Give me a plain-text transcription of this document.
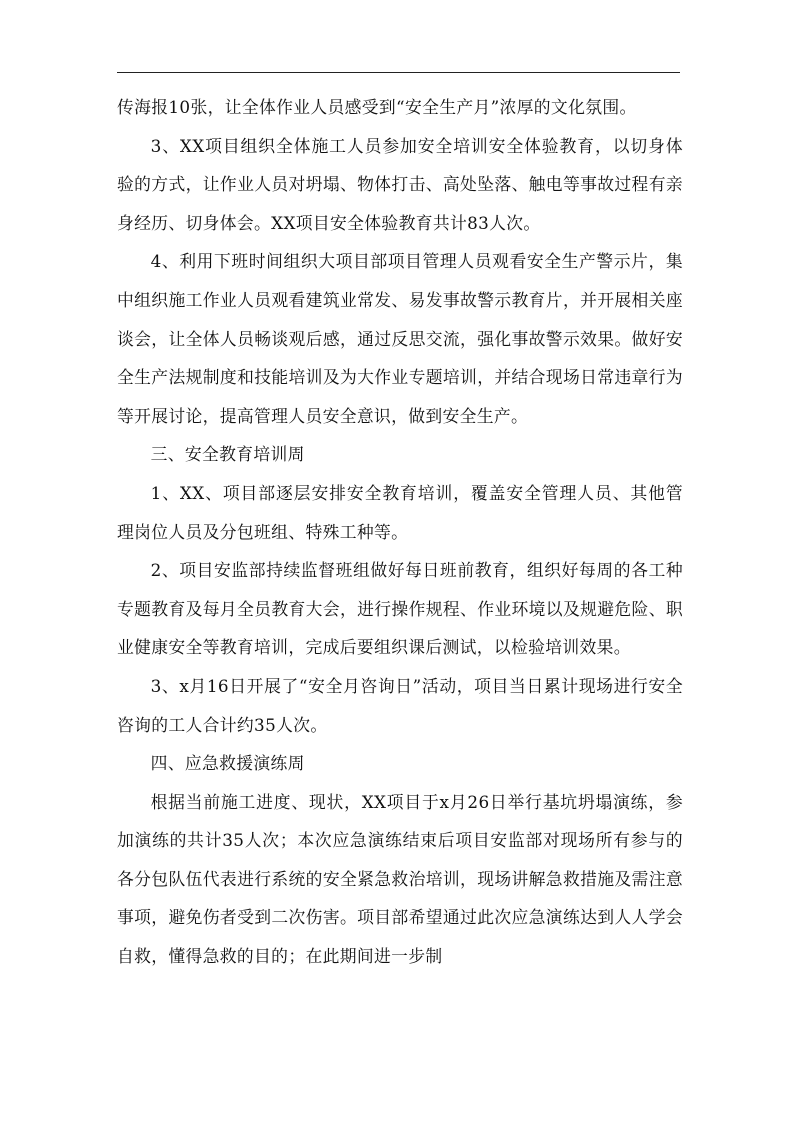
传海报10张，让全体作业人员感受到“安全生产月”浓厚的文化氛围。

3、XX项目组织全体施工人员参加安全培训安全体验教育，以切身体验的方式，让作业人员对坍塌、物体打击、高处坠落、触电等事故过程有亲身经历、切身体会。XX项目安全体验教育共计83人次。

4、利用下班时间组织大项目部项目管理人员观看安全生产警示片，集中组织施工作业人员观看建筑业常发、易发事故警示教育片，并开展相关座谈会，让全体人员畅谈观后感，通过反思交流，强化事故警示效果。做好安全生产法规制度和技能培训及为大作业专题培训，并结合现场日常违章行为等开展讨论，提高管理人员安全意识，做到安全生产。

三、安全教育培训周

1、XX、项目部逐层安排安全教育培训，覆盖安全管理人员、其他管理岗位人员及分包班组、特殊工种等。

2、项目安监部持续监督班组做好每日班前教育，组织好每周的各工种专题教育及每月全员教育大会，进行操作规程、作业环境以及规避危险、职业健康安全等教育培训，完成后要组织课后测试，以检验培训效果。

3、x月16日开展了“安全月咨询日”活动，项目当日累计现场进行安全咨询的工人合计约35人次。

四、应急救援演练周

根据当前施工进度、现状，XX项目于x月26日举行基坑坍塌演练，参加演练的共计35人次；本次应急演练结束后项目安监部对现场所有参与的各分包队伍代表进行系统的安全紧急救治培训，现场讲解急救措施及需注意事项，避免伤者受到二次伤害。项目部希望通过此次应急演练达到人人学会自救，懂得急救的目的；在此期间进一步制
